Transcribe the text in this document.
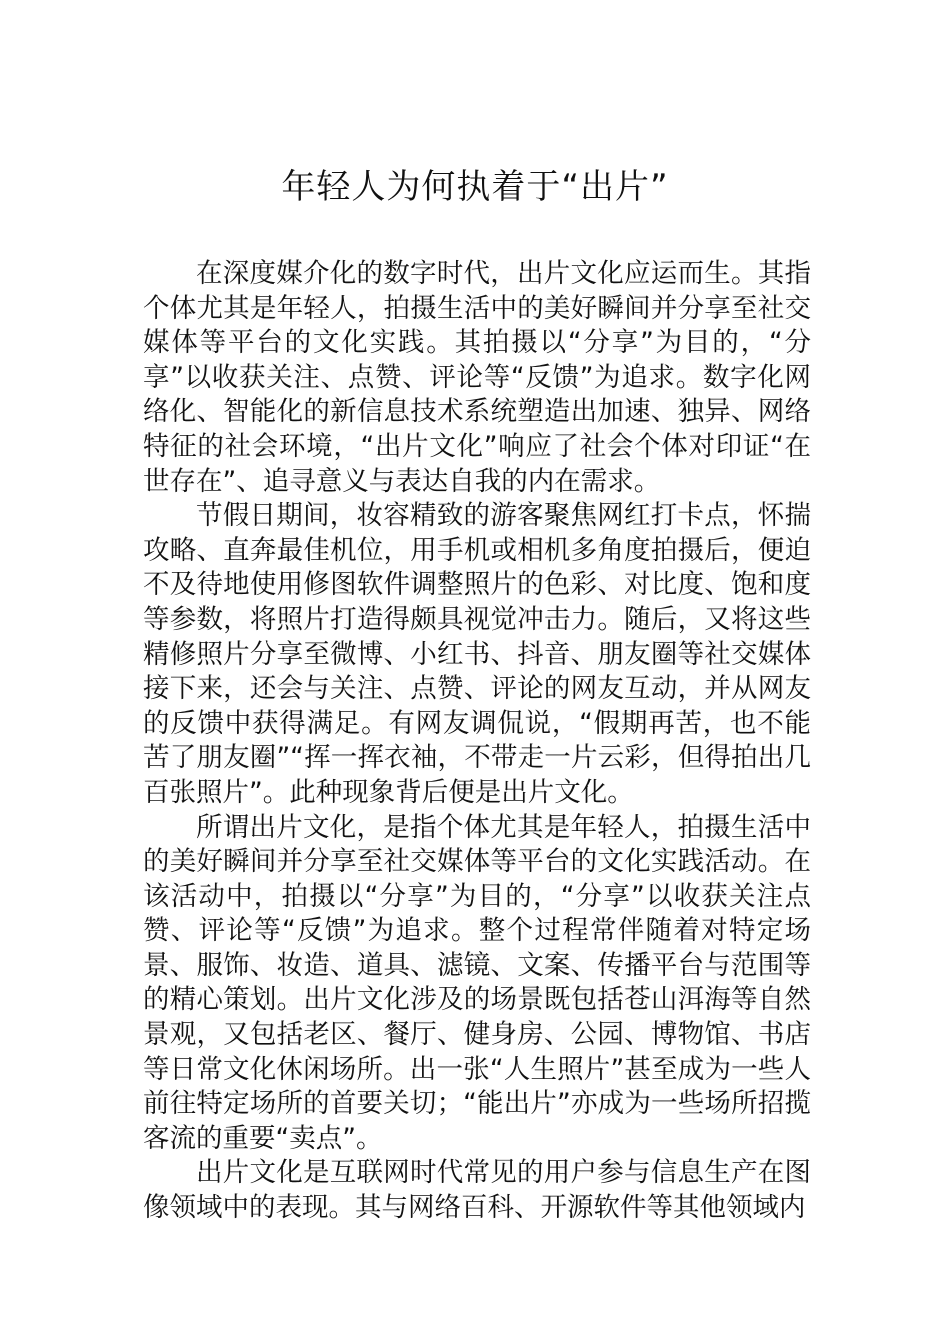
年轻人为何执着于“出片”

在深度媒介化的数字时代，出片文化应运而生。其指个体尤其是年轻人，拍摄生活中的美好瞬间并分享至社交媒体等平台的文化实践。其拍摄以“分享”为目的，“分享”以收获关注、点赞、评论等“反馈”为追求。数字化网络化、智能化的新信息技术系统塑造出加速、独异、网络特征的社会环境，“出片文化”响应了社会个体对印证“在世存在”、追寻意义与表达自我的内在需求。

节假日期间，妆容精致的游客聚焦网红打卡点，怀揣攻略、直奔最佳机位，用手机或相机多角度拍摄后，便迫不及待地使用修图软件调整照片的色彩、对比度、饱和度等参数，将照片打造得颇具视觉冲击力。随后，又将这些精修照片分享至微博、小红书、抖音、朋友圈等社交媒体接下来，还会与关注、点赞、评论的网友互动，并从网友的反馈中获得满足。有网友调侃说，“假期再苦，也不能苦了朋友圈”“挥一挥衣袖，不带走一片云彩，但得拍出几百张照片”。此种现象背后便是出片文化。

所谓出片文化，是指个体尤其是年轻人，拍摄生活中的美好瞬间并分享至社交媒体等平台的文化实践活动。在该活动中，拍摄以“分享”为目的，“分享”以收获关注点赞、评论等“反馈”为追求。整个过程常伴随着对特定场景、服饰、妆造、道具、滤镜、文案、传播平台与范围等的精心策划。出片文化涉及的场景既包括苍山洱海等自然景观，又包括老区、餐厅、健身房、公园、博物馆、书店等日常文化休闲场所。出一张“人生照片”甚至成为一些人前往特定场所的首要关切；“能出片”亦成为一些场所招揽客流的重要“卖点”。

出片文化是互联网时代常见的用户参与信息生产在图像领域中的表现。其与网络百科、开源软件等其他领域内
